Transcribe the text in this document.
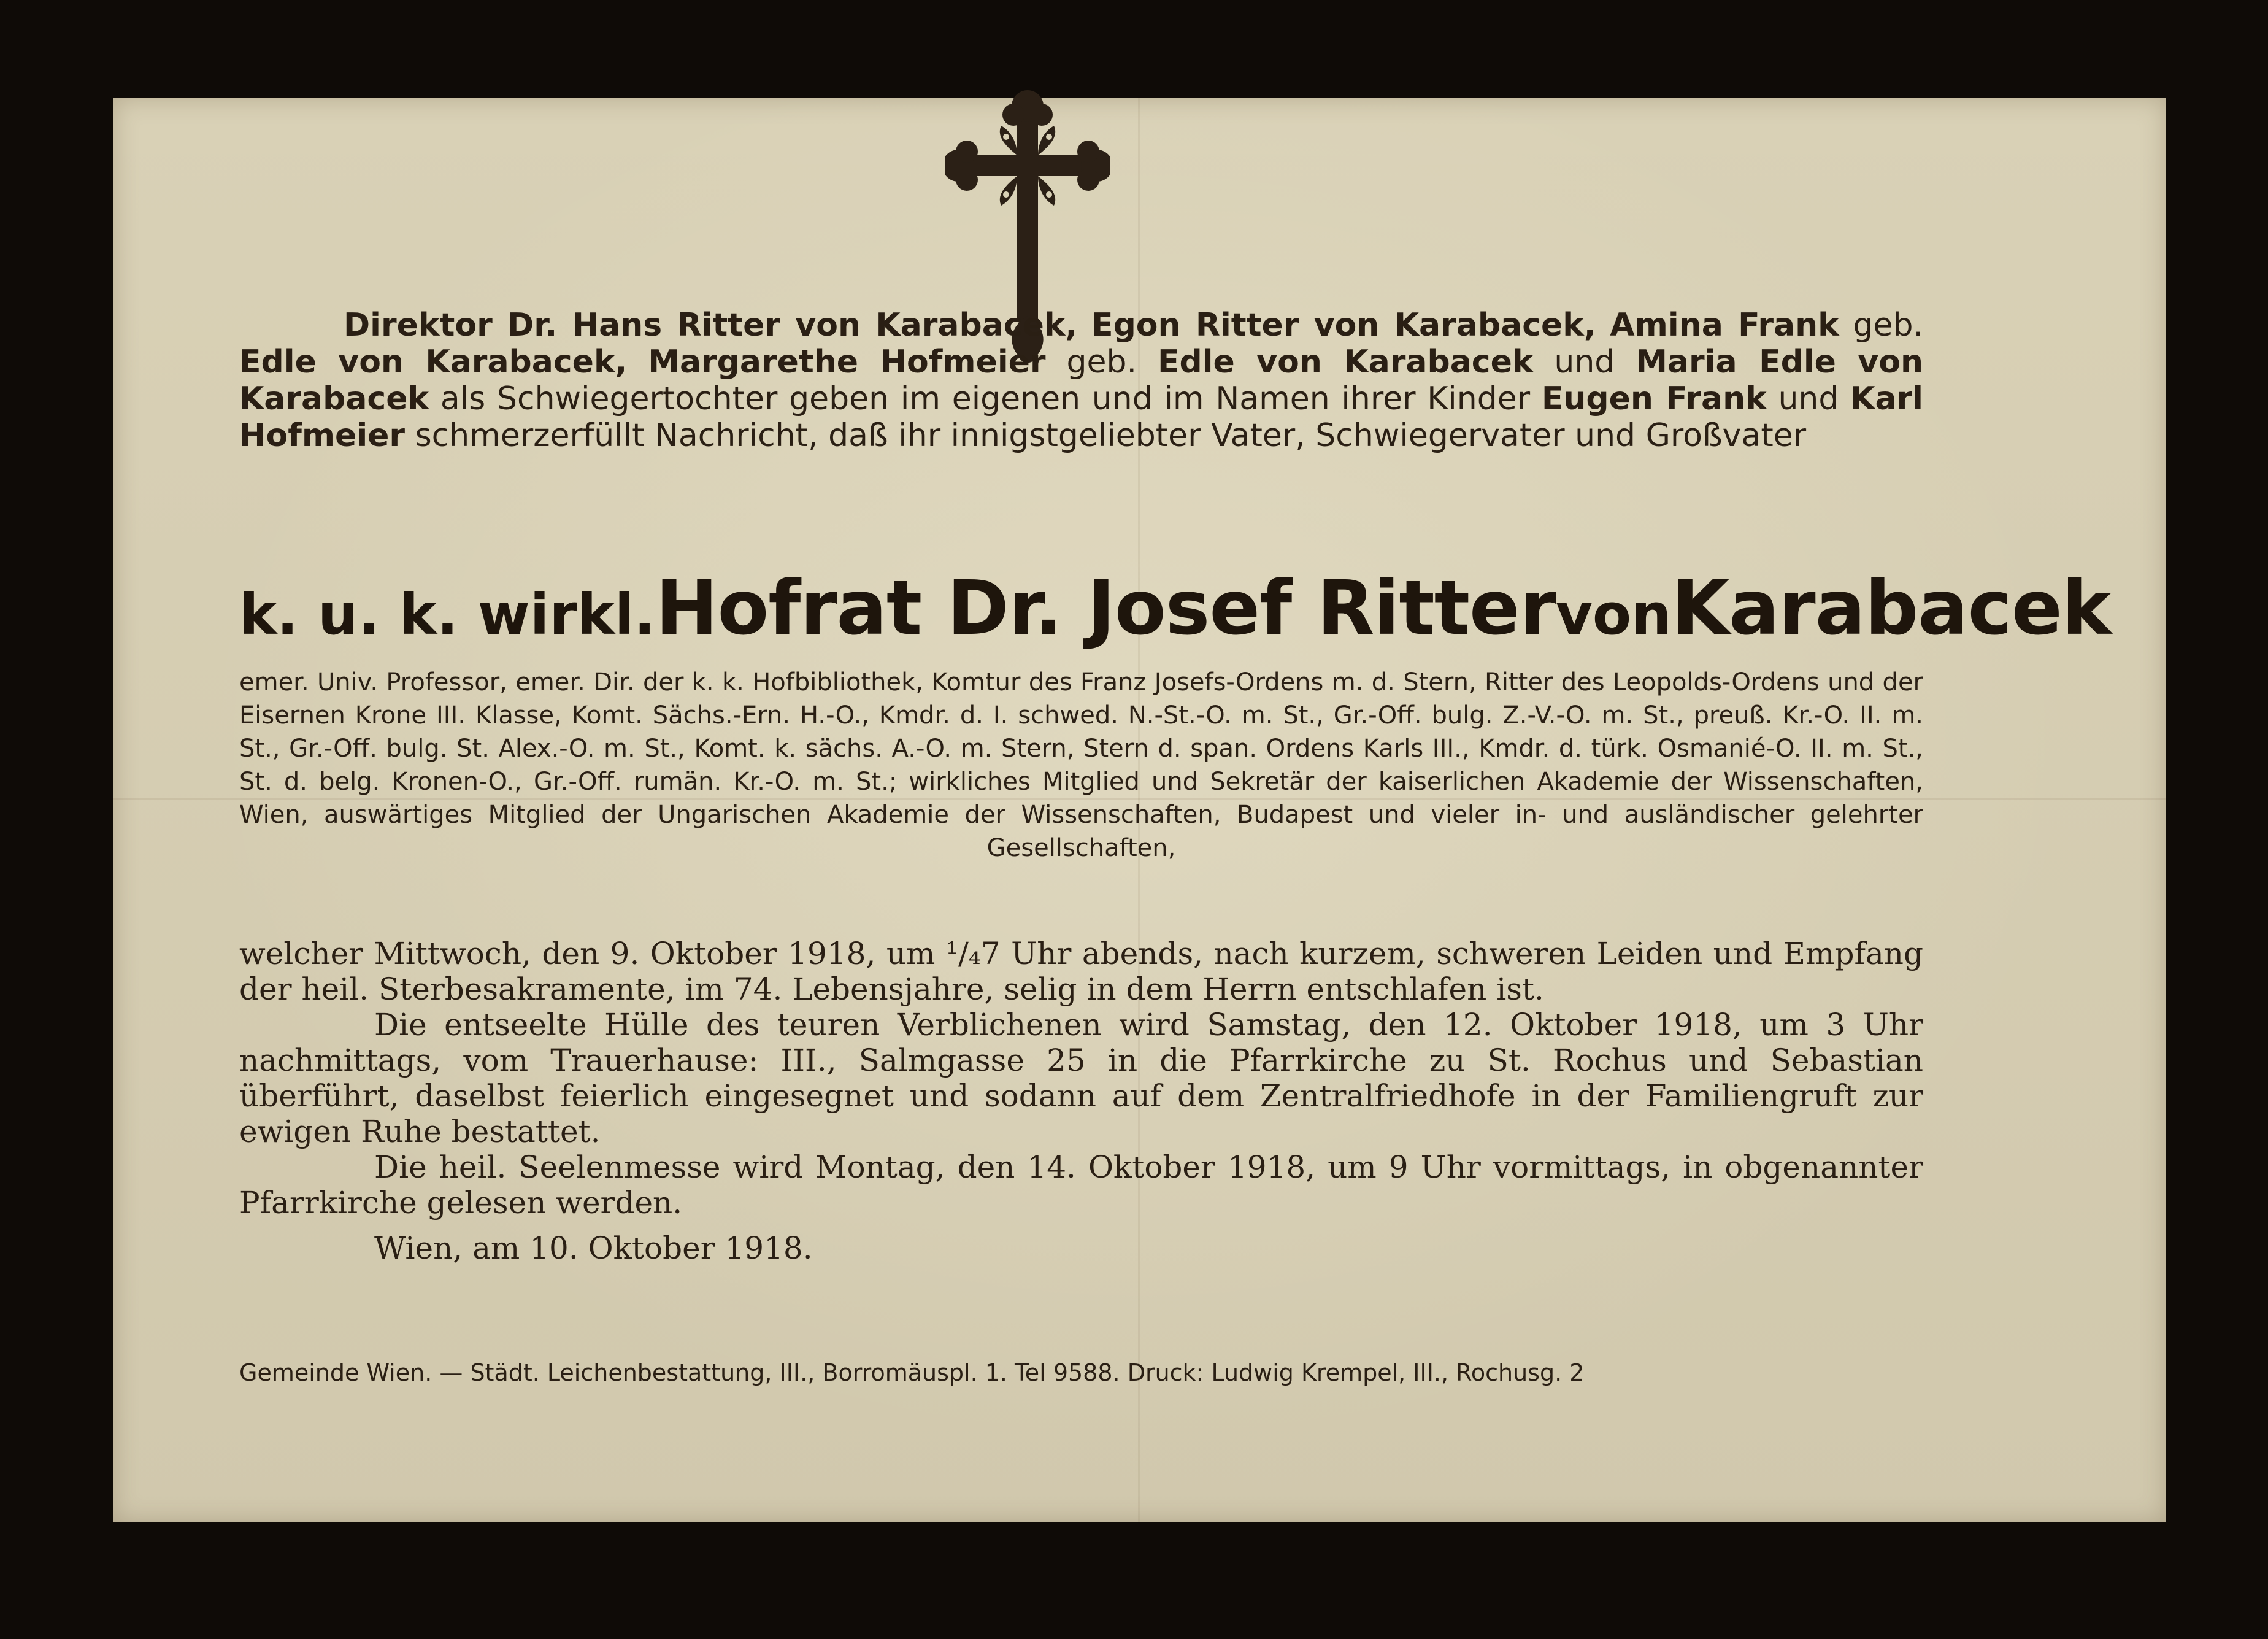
Direktor Dr. Hans Ritter von Karabacek, Egon Ritter von Karabacek, Amina Frank geb. Edle von Karabacek, Margarethe Hofmeier geb. Edle von Karabacek und Maria Edle von Karabacek als Schwiegertochter geben im eigenen und im Namen ihrer Kinder Eugen Frank und Karl Hofmeier schmerzerfüllt Nachricht, daß ihr innigstgeliebter Vater, Schwiegervater und Großvater
k. u. k. wirkl. Hofrat Dr. Josef Ritter von Karabacek
emer. Univ. Professor, emer. Dir. der k. k. Hofbibliothek, Komtur des Franz Josefs-Ordens m. d. Stern, Ritter des Leopolds-Ordens und der Eisernen Krone III. Klasse, Komt. Sächs.-Ern. H.-O., Kmdr. d. I. schwed. N.-St.-O. m. St., Gr.-Off. bulg. Z.-V.-O. m. St., preuß. Kr.-O. II. m. St., Gr.-Off. bulg. St. Alex.-O. m. St., Komt. k. sächs. A.-O. m. Stern, Stern d. span. Ordens Karls III., Kmdr. d. türk. Osmanié-O. II. m. St., St. d. belg. Kronen-O., Gr.-Off. rumän. Kr.-O. m. St.; wirkliches Mitglied und Sekretär der kaiserlichen Akademie der Wissenschaften, Wien, auswärtiges Mitglied der Ungarischen Akademie der Wissenschaften, Budapest und vieler in- und ausländischer gelehrter Gesellschaften,

welcher Mittwoch, den 9. Oktober 1918, um ¹/₄7 Uhr abends, nach kurzem, schweren Leiden und Empfang der heil. Sterbesakramente, im 74. Lebensjahre, selig in dem Herrn entschlafen ist.

Die entseelte Hülle des teuren Verblichenen wird Samstag, den 12. Oktober 1918, um 3 Uhr nachmittags, vom Trauerhause: III., Salmgasse 25 in die Pfarrkirche zu St. Rochus und Sebastian überführt, daselbst feierlich eingesegnet und sodann auf dem Zentralfriedhofe in der Familiengruft zur ewigen Ruhe bestattet.

Die heil. Seelenmesse wird Montag, den 14. Oktober 1918, um 9 Uhr vormittags, in obgenannter Pfarrkirche gelesen werden.

Wien, am 10. Oktober 1918.
Gemeinde Wien. — Städt. Leichenbestattung, III., Borromäuspl. 1. Tel 9588. Druck: Ludwig Krempel, III., Rochusg. 2
